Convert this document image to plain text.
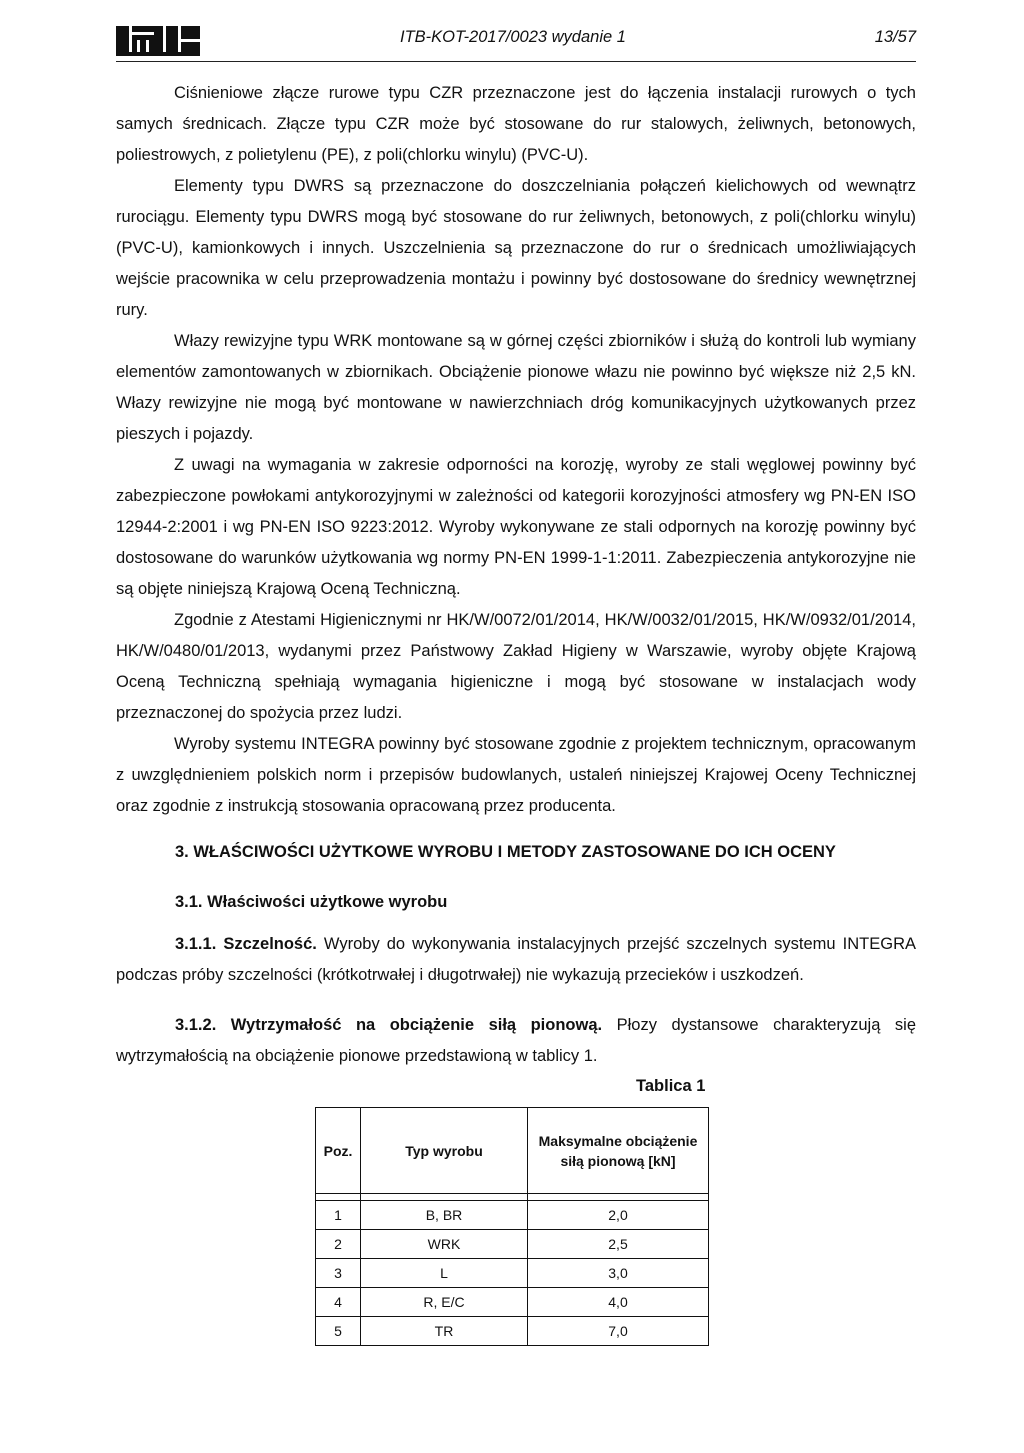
ITB-KOT-2017/0023 wydanie 1	13/57

Ciśnieniowe złącze rurowe typu CZR przeznaczone jest do łączenia instalacji rurowych o tych samych średnicach. Złącze typu CZR może być stosowane do rur stalowych, żeliwnych, betonowych, poliestrowych, z polietylenu (PE), z poli(chlorku winylu) (PVC-U).

Elementy typu DWRS są przeznaczone do doszczelniania połączeń kielichowych od wewnątrz rurociągu. Elementy typu DWRS mogą być stosowane do rur żeliwnych, betonowych, z poli(chlorku winylu) (PVC-U), kamionkowych i innych. Uszczelnienia są przeznaczone do rur o średnicach umożliwiających wejście pracownika w celu przeprowadzenia montażu i powinny być dostosowane do średnicy wewnętrznej rury.

Włazy rewizyjne typu WRK montowane są w górnej części zbiorników i służą do kontroli lub wymiany elementów zamontowanych w zbiornikach. Obciążenie pionowe włazu nie powinno być większe niż 2,5 kN. Włazy rewizyjne nie mogą być montowane w nawierzchniach dróg komunikacyjnych użytkowanych przez pieszych i pojazdy.

Z uwagi na wymagania w zakresie odporności na korozję, wyroby ze stali węglowej powinny być zabezpieczone powłokami antykorozyjnymi w zależności od kategorii korozyjności atmosfery wg PN-EN ISO 12944-2:2001 i wg PN-EN ISO 9223:2012. Wyroby wykonywane ze stali odpornych na korozję powinny być dostosowane do warunków użytkowania wg normy PN-EN 1999-1-1:2011. Zabezpieczenia antykorozyjne nie są objęte niniejszą Krajową Oceną Techniczną.

Zgodnie z Atestami Higienicznymi nr HK/W/0072/01/2014, HK/W/0032/01/2015, HK/W/0932/01/2014, HK/W/0480/01/2013, wydanymi przez Państwowy Zakład Higieny w Warszawie, wyroby objęte Krajową Oceną Techniczną spełniają wymagania higieniczne i mogą być stosowane w instalacjach wody przeznaczonej do spożycia przez ludzi.

Wyroby systemu INTEGRA powinny być stosowane zgodnie z projektem technicznym, opracowanym z uwzględnieniem polskich norm i przepisów budowlanych, ustaleń niniejszej Krajowej Oceny Technicznej oraz zgodnie z instrukcją stosowania opracowaną przez producenta.

3. WŁAŚCIWOŚCI UŻYTKOWE WYROBU I METODY ZASTOSOWANE DO ICH OCENY
3.1. Właściwości użytkowe wyrobu

3.1.1. Szczelność. Wyroby do wykonywania instalacyjnych przejść szczelnych systemu INTEGRA podczas próby szczelności (krótkotrwałej i długotrwałej) nie wykazują przecieków i uszkodzeń.

3.1.2. Wytrzymałość na obciążenie siłą pionową. Płozy dystansowe charakteryzują się wytrzymałością na obciążenie pionowe przedstawioną w tablicy 1.

Tablica 1
Poz.	Typ wyrobu	Maksymalne obciążenie siłą pionową [kN]

1	B, BR	2,0
2	WRK	2,5
3	L	3,0
4	R, E/C	4,0
5	TR	7,0
